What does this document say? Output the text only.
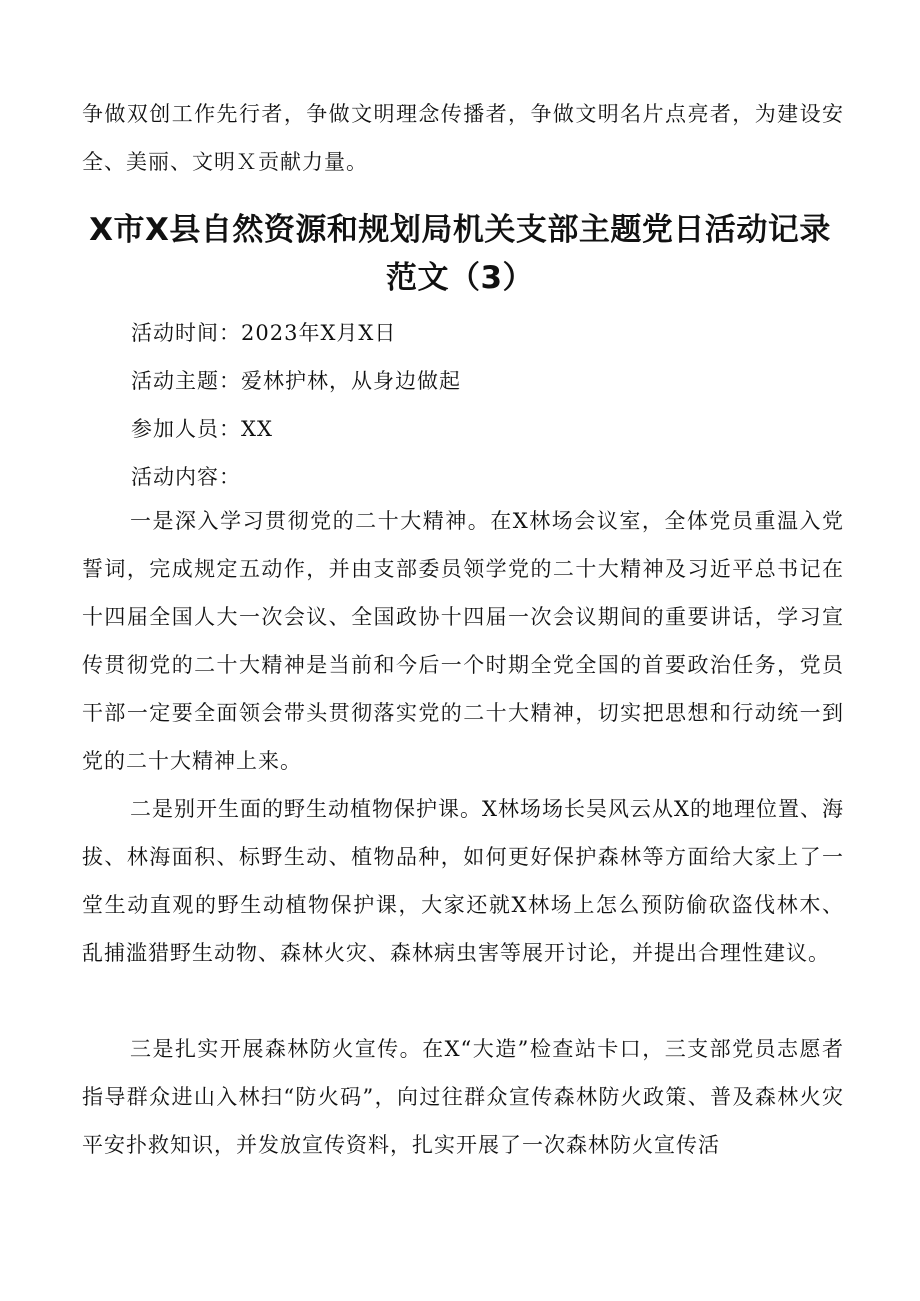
争做双创工作先行者，争做文明理念传播者，争做文明名片点亮者，为建设安全、美丽、文明Ｘ贡献力量。

X市X县自然资源和规划局机关支部主题党日活动记录
范文（3）

活动时间：2023年X月X日

活动主题：爱林护林，从身边做起

参加人员：XX

活动内容：

一是深入学习贯彻党的二十大精神。在X林场会议室，全体党员重温入党誓词，完成规定五动作，并由支部委员领学党的二十大精神及习近平总书记在十四届全国人大一次会议、全国政协十四届一次会议期间的重要讲话，学习宣传贯彻党的二十大精神是当前和今后一个时期全党全国的首要政治任务，党员干部一定要全面领会带头贯彻落实党的二十大精神，切实把思想和行动统一到党的二十大精神上来。

二是别开生面的野生动植物保护课。X林场场长吴风云从X的地理位置、海拔、林海面积、标野生动、植物品种，如何更好保护森林等方面给大家上了一堂生动直观的野生动植物保护课，大家还就X林场上怎么预防偷砍盗伐林木、乱捕滥猎野生动物、森林火灾、森林病虫害等展开讨论，并提出合理性建议。

三是扎实开展森林防火宣传。在X“大造”检查站卡口，三支部党员志愿者指导群众进山入林扫“防火码”，向过往群众宣传森林防火政策、普及森林火灾平安扑救知识，并发放宣传资料，扎实开展了一次森林防火宣传活
